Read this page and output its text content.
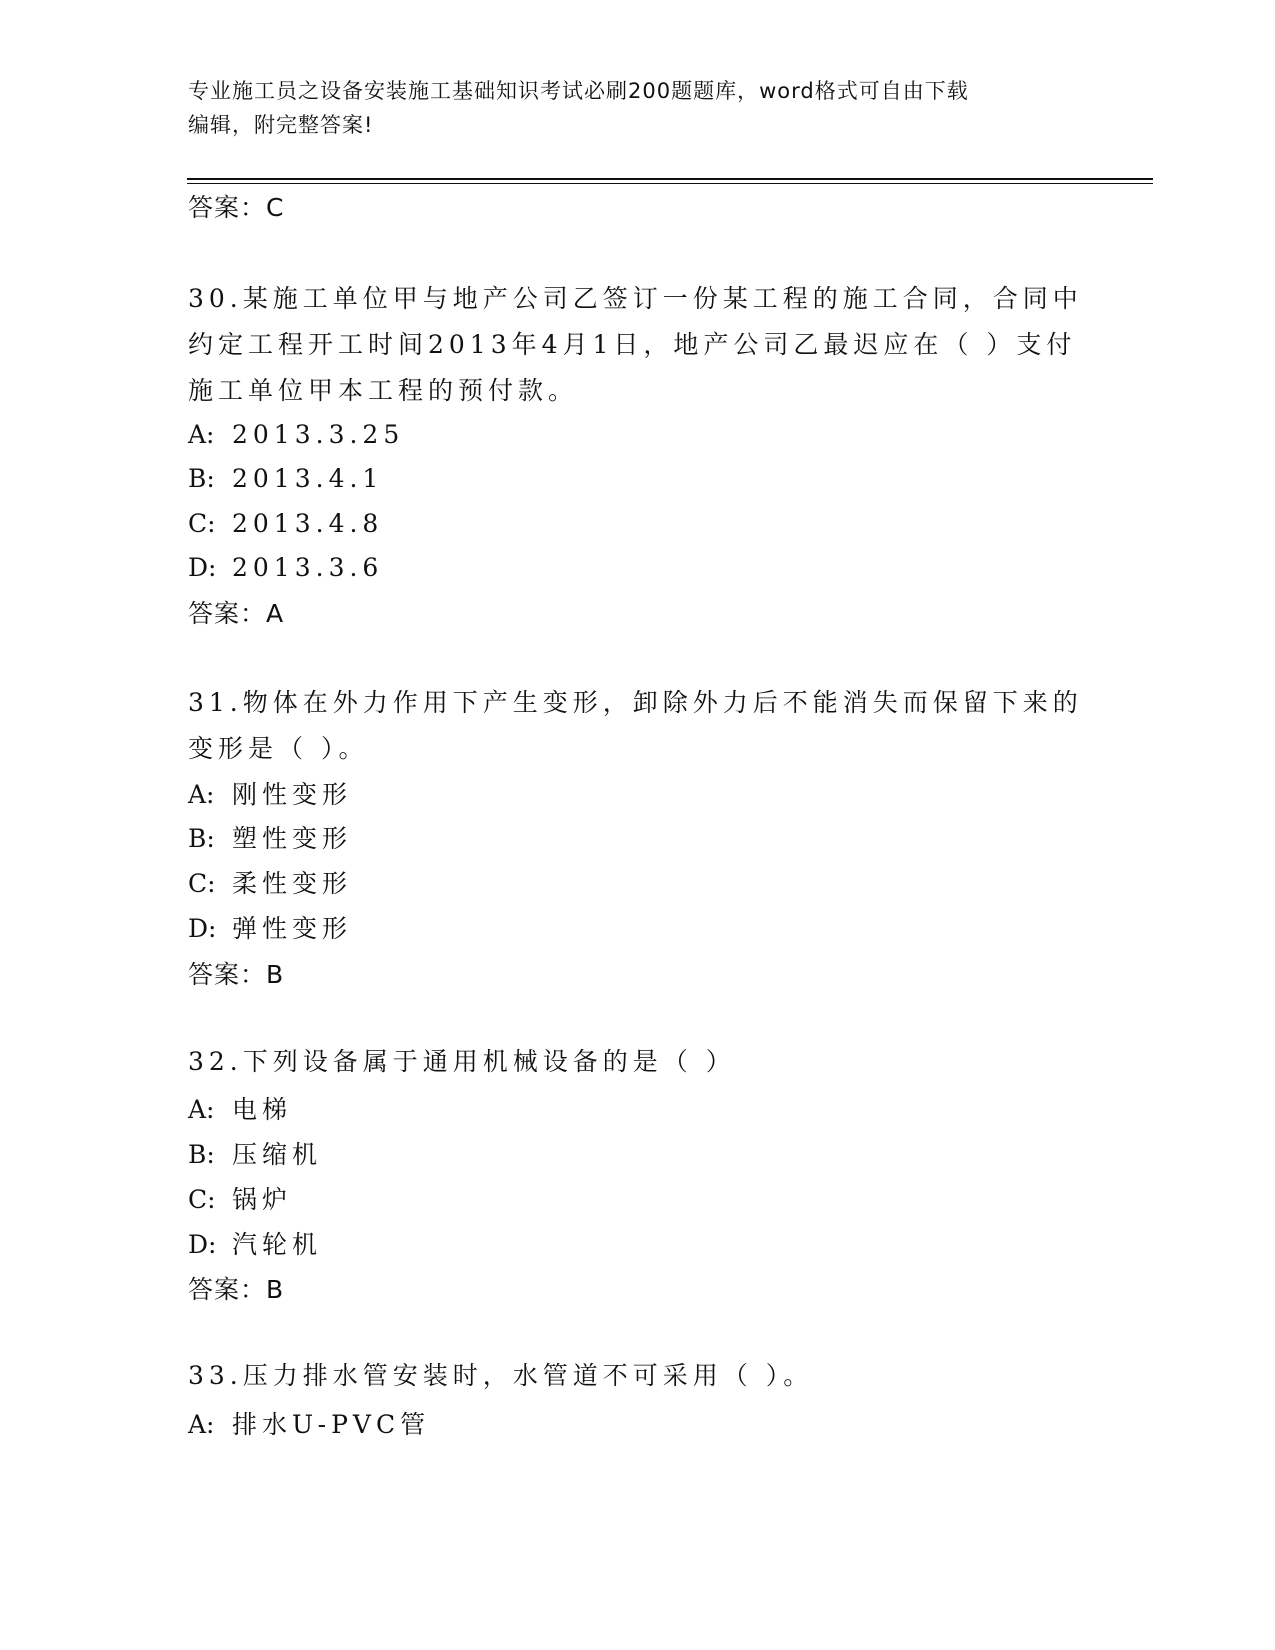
专业施工员之设备安装施工基础知识考试必刷200题题库，word格式可自由下载
编辑，附完整答案!
答案：C
30.某施工单位甲与地产公司乙签订一份某工程的施工合同，合同中约定工程开工时间2013年4月1日，地产公司乙最迟应在（ ）支付施工单位甲本工程的预付款。
A: 2013.3.25
B: 2013.4.1
C: 2013.4.8
D: 2013.3.6
答案：A
31.物体在外力作用下产生变形，卸除外力后不能消失而保留下来的变形是（ ）。
A: 刚性变形
B: 塑性变形
C: 柔性变形
D: 弹性变形
答案：B
32.下列设备属于通用机械设备的是（ ）
A: 电梯
B: 压缩机
C: 锅炉
D: 汽轮机
答案：B
33.压力排水管安装时，水管道不可采用（ ）。
A: 排水U-PVC管
